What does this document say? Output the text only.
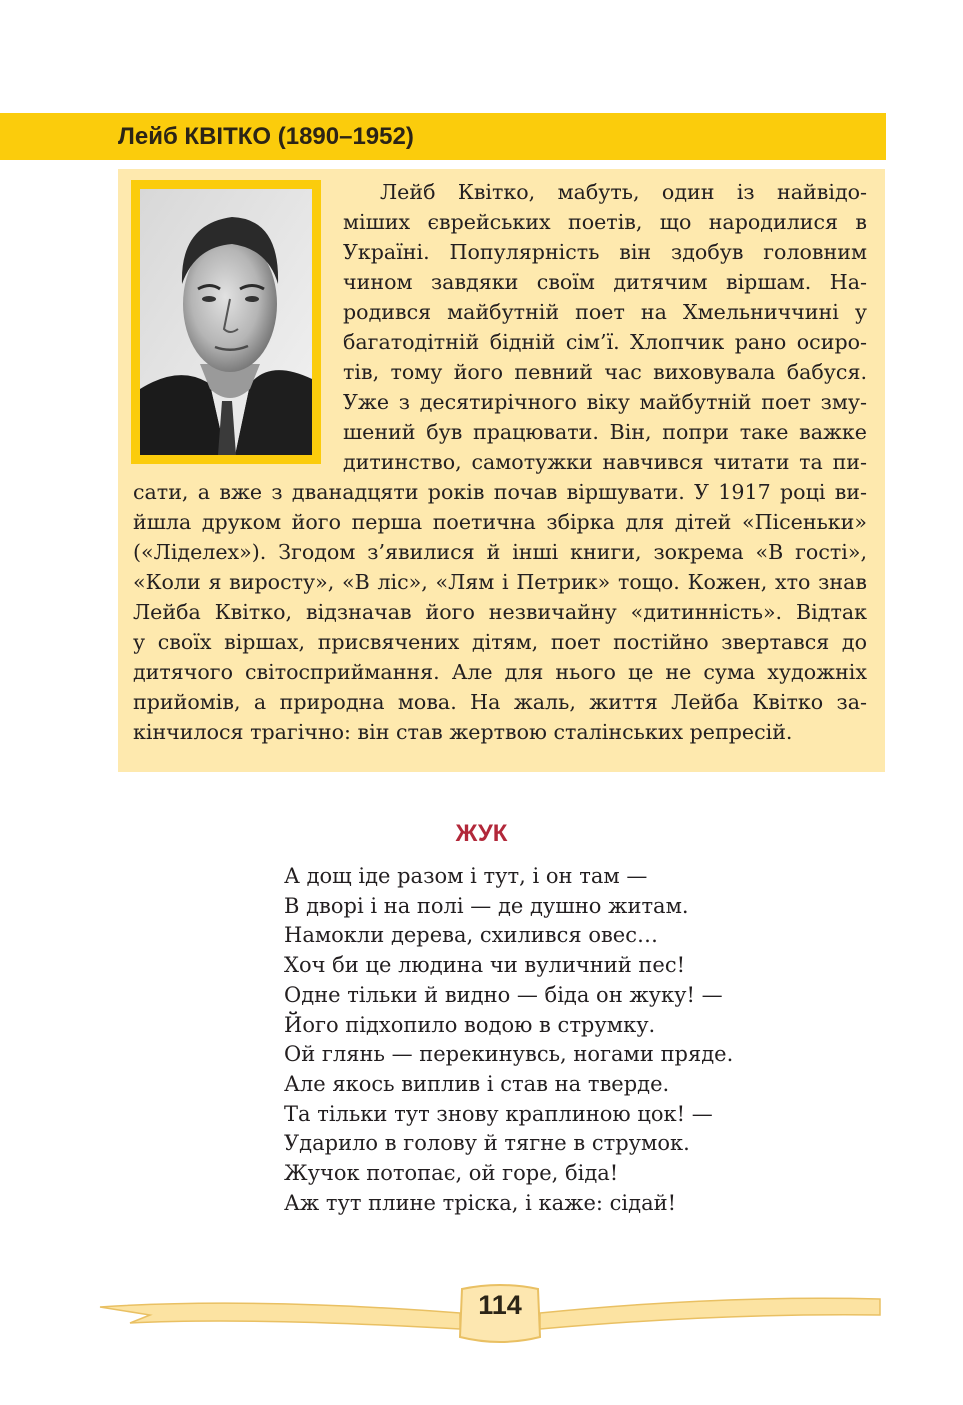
Лейб КВІТКО (1890–1952)
Лейб Квітко, мабуть, один із найвідо-
міших єврейських поетів, що народилися в
Україні. Популярність він здобув головним
чином завдяки своїм дитячим віршам. На-
родився майбутній поет на Хмельниччині у
багатодітній бідній сім’ї. Хлопчик рано осиро-
тів, тому його певний час виховувала бабуся.
Уже з десятирічного віку майбутній поет зму-
шений був працювати. Він, попри таке важке
дитинство, самотужки навчився читати та пи-
сати, а вже з дванадцяти років почав віршувати. У 1917 році ви-
йшла друком його перша поетична збірка для дітей «Пісеньки»
(«Ліделех»). Згодом з’явилися й інші книги, зокрема «В гості»,
«Коли я виросту», «В ліс», «Лям і Петрик» тощо. Кожен, хто знав
Лейба Квітко, відзначав його незвичайну «дитинність». Відтак
у своїх віршах, присвячених дітям, поет постійно звертався до
дитячого світосприймання. Але для нього це не сума художніх
прийомів, а природна мова. На жаль, життя Лейба Квітко за-
кінчилося трагічно: він став жертвою сталінських репресій.
ЖУК
А дощ іде разом і тут, і он там —
В дворі і на полі — де душно житам.
Намокли дерева, схилився овес…
Хоч би це людина чи вуличний пес!
Одне тільки й видно — біда он жуку! —
Його підхопило водою в струмку.
Ой глянь — перекинувсь, ногами пряде.
Але якось виплив і став на тверде.
Та тільки тут знову краплиною цок! —
Ударило в голову й тягне в струмок.
Жучок потопає, ой горе, біда!
Аж тут плине тріска, і каже: сідай!
114
